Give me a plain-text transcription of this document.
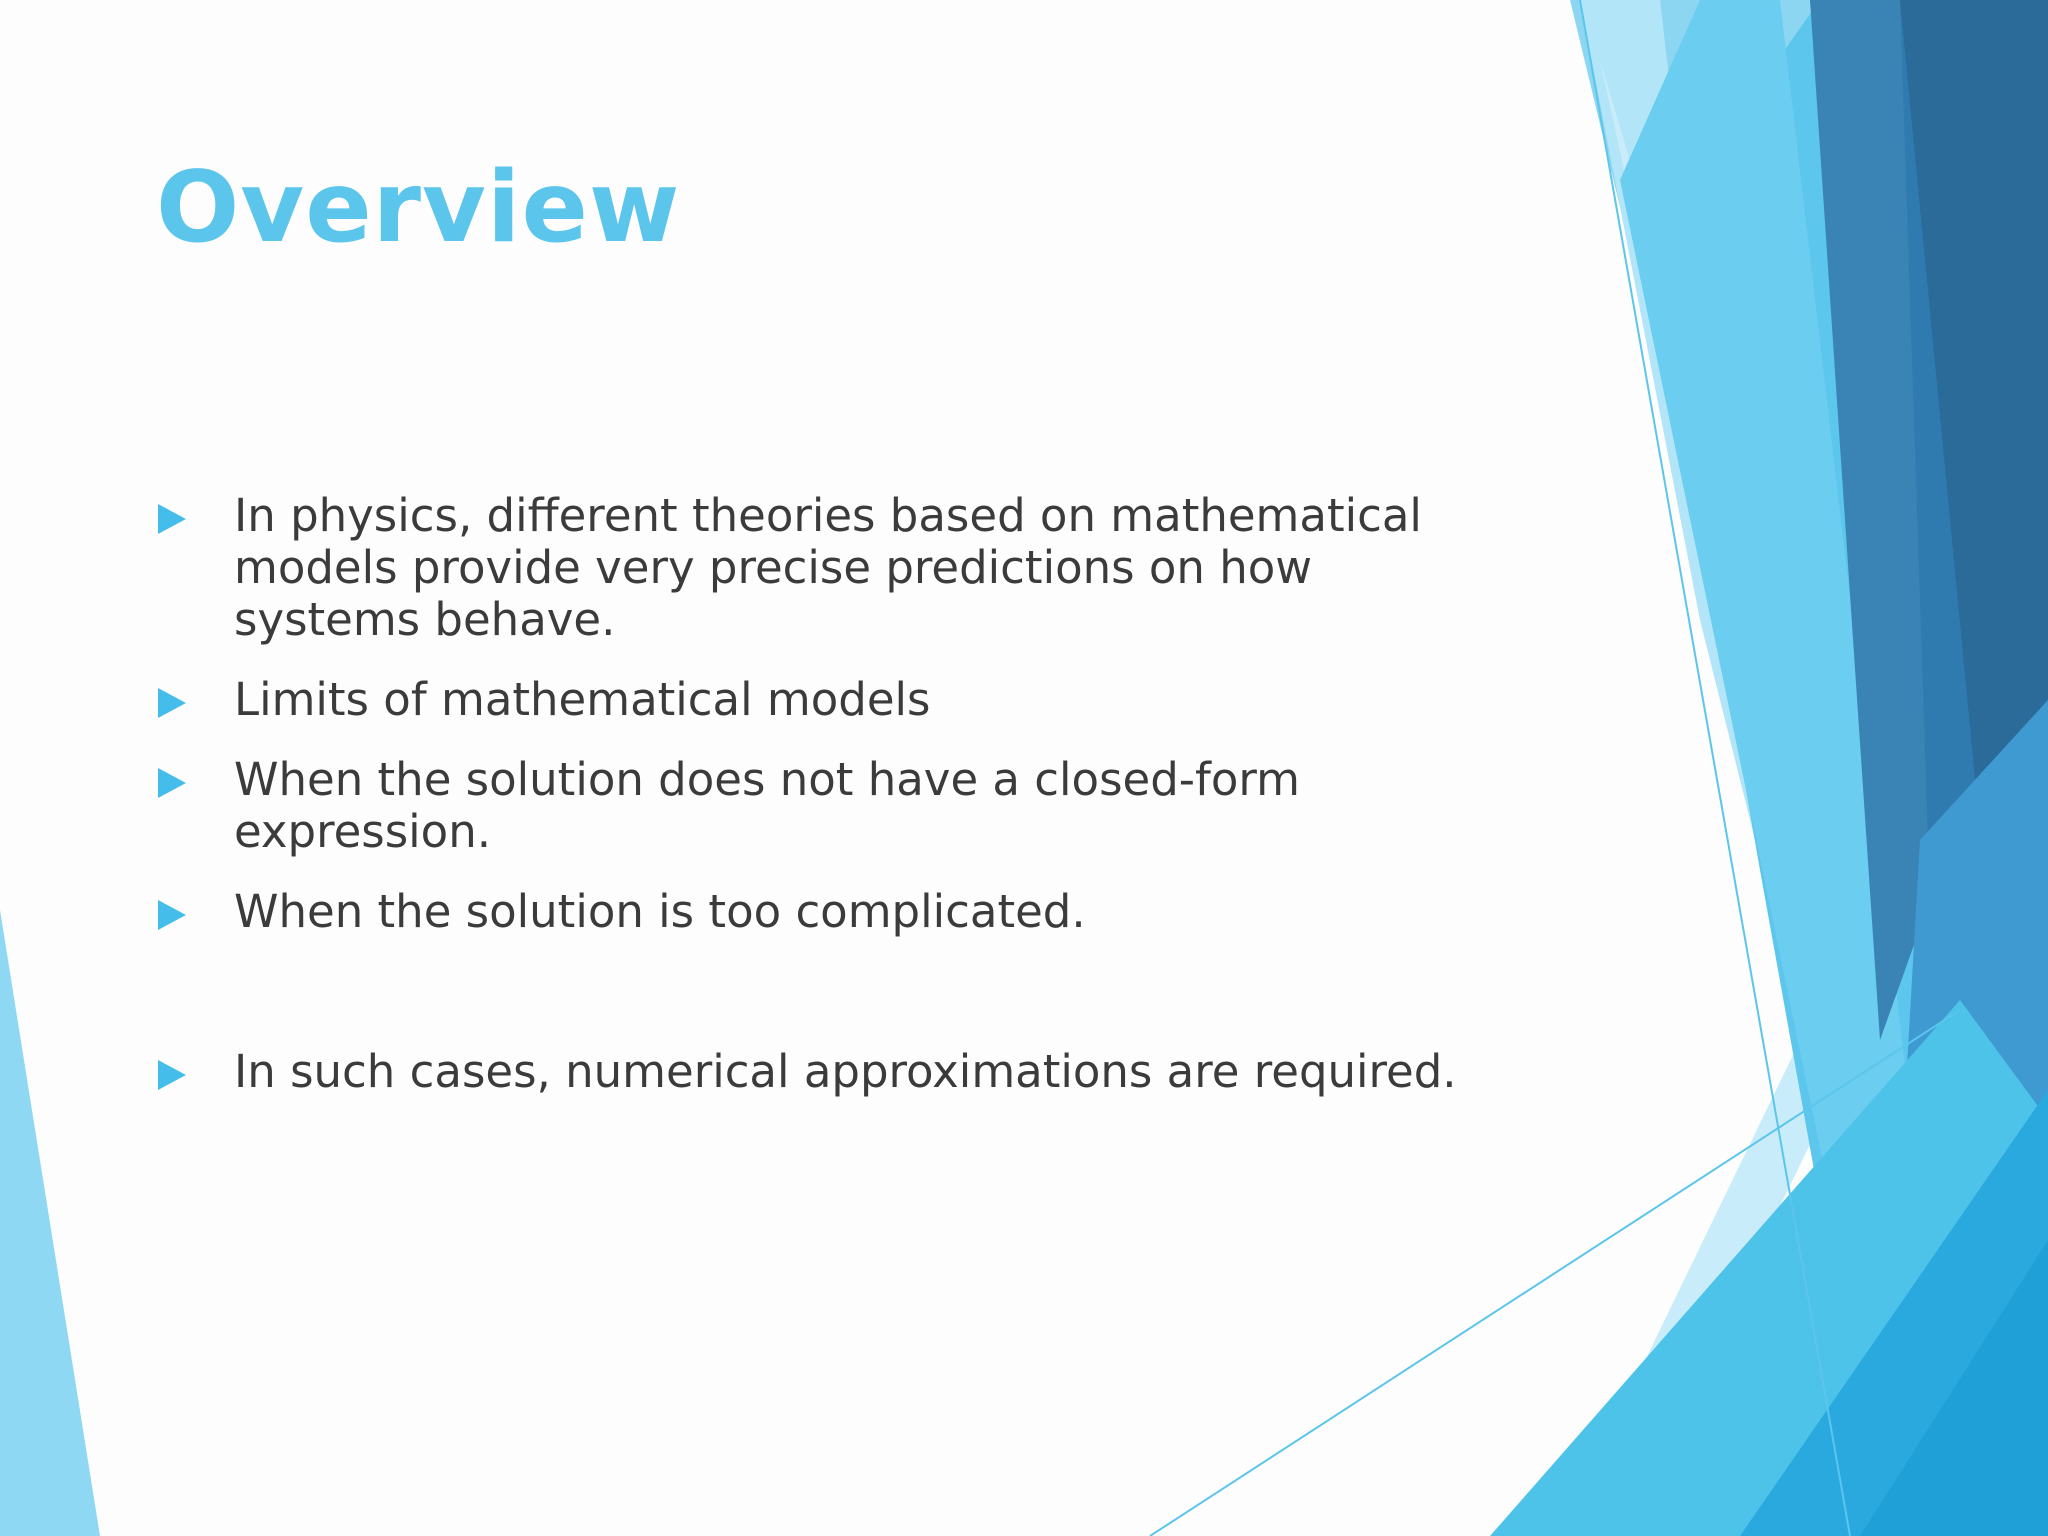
Overview
In physics, different theories based on mathematical models provide very precise predictions on how systems behave.
Limits of mathematical models
When the solution does not have a closed-form expression.
When the solution is too complicated.
In such cases, numerical approximations are required.
